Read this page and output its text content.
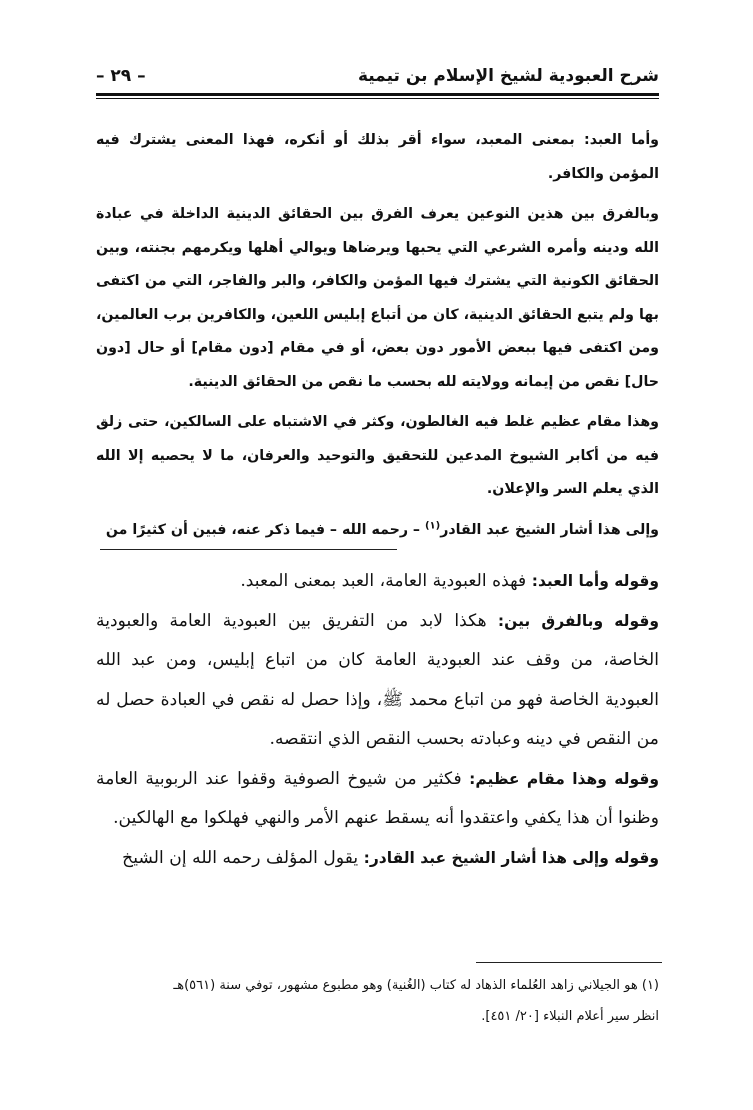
شرح العبودية لشيخ الإسلام بن تيمية
– ٢٩ –

وأما العبد: بمعنى المعبد، سواء أقر بذلك أو أنكره، فهذا المعنى يشترك فيه المؤمن والكافر.

وبالفرق بين هذين النوعين يعرف الفرق بين الحقائق الدينية الداخلة في عبادة الله ودينه وأمره الشرعي التي يحبها ويرضاها ويوالي أهلها ويكرمهم بجنته، وبين الحقائق الكونية التي يشترك فيها المؤمن والكافر، والبر والفاجر، التي من اكتفى بها ولم يتبع الحقائق الدينية، كان من أتباع إبليس اللعين، والكافرين برب العالمين، ومن اكتفى فيها ببعض الأمور دون بعض، أو في مقام [دون مقام] أو حال [دون حال] نقص من إيمانه وولايته لله بحسب ما نقص من الحقائق الدينية.

وهذا مقام عظيم غلط فيه الغالطون، وكثر في الاشتباه على السالكين، حتى زلق فيه من أكابر الشيوخ المدعين للتحقيق والتوحيد والعرفان، ما لا يحصيه إلا الله الذي يعلم السر والإعلان.

وإلى هذا أشار الشيخ عبد القادر$^{(١)}$ – رحمه الله – فيما ذكر عنه، فبين أن كثيرًا من

وقوله وأما العبد: فهذه العبودية العامة، العبد بمعنى المعبد.

وقوله وبالفرق بين: هكذا لابد من التفريق بين العبودية العامة والعبودية الخاصة، من وقف عند العبودية العامة كان من اتباع إبليس، ومن عبد الله العبودية الخاصة فهو من اتباع محمد ﷺ، وإذا حصل له نقص في العبادة حصل له من النقص في دينه وعبادته بحسب النقص الذي انتقصه.

وقوله وهذا مقام عظيم: فكثير من شيوخ الصوفية وقفوا عند الربوبية العامة وظنوا أن هذا يكفي واعتقدوا أنه يسقط عنهم الأمر والنهي فهلكوا مع الهالكين.

وقوله وإلى هذا أشار الشيخ عبد القادر: يقول المؤلف رحمه الله إن الشيخ

(١) هو الجيلاني زاهد العُلماء الذهاد له كتاب (الغُنية) وهو مطبوع مشهور، توفي سنة (٥٦١)هـ

انظر سير أعلام النبلاء [٢٠/ ٤٥١].
